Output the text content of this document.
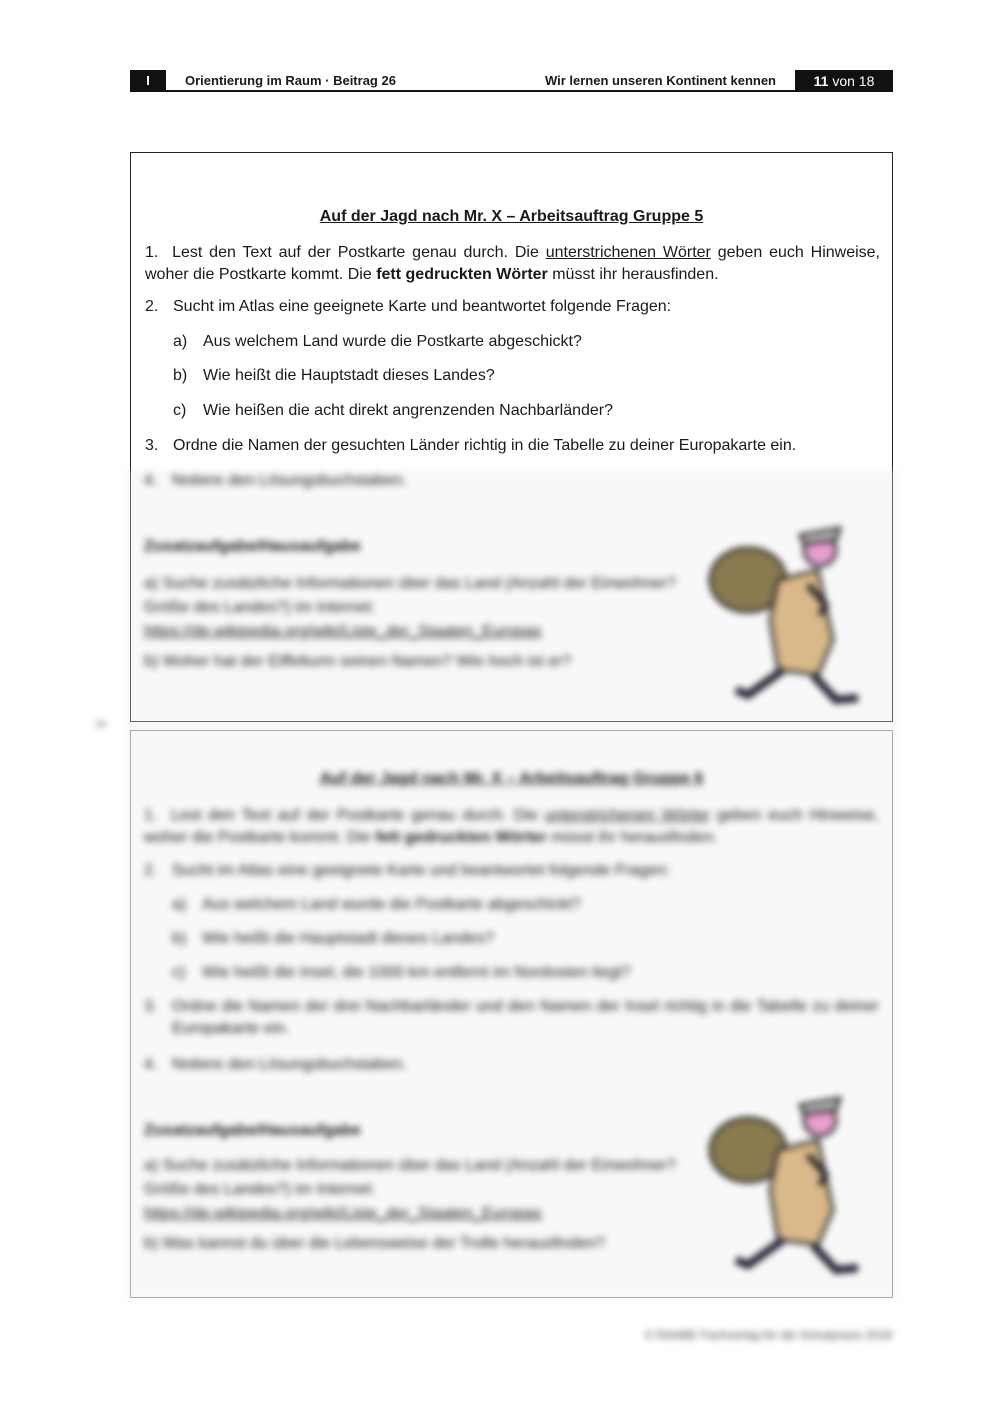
I	Orientierung im Raum · Beitrag 26	Wir lernen unseren Kontinent kennen	11 von 18
Auf der Jagd nach Mr. X – Arbeitsauftrag Gruppe 5
1.  Lest den Text auf der Postkarte genau durch. Die unterstrichenen Wörter geben euch Hinweise, woher die Postkarte kommt. Die fett gedruckten Wörter müsst ihr herausfinden.
2. Sucht im Atlas eine geeignete Karte und beantwortet folgende Fragen:
a) Aus welchem Land wurde die Postkarte abgeschickt?
b) Wie heißt die Hauptstadt dieses Landes?
c) Wie heißen die acht direkt angrenzenden Nachbarländer?
3. Ordne die Namen der gesuchten Länder richtig in die Tabelle zu deiner Europakarte ein.
4. Notiere den Lösungsbuchstaben.
Zusatzaufgabe/Hausaufgabe
a) Suche zusätzliche Informationen über das Land (Anzahl der Einwohner? Größe des Landes?) im Internet: https://de.wikipedia.org/wiki/Liste_der_Staaten_Europas
b) Woher hat der Eiffelturm seinen Namen? Wie hoch ist er?
Auf der Jagd nach Mr. X – Arbeitsauftrag Gruppe 6
1.  Lest den Text auf der Postkarte genau durch. Die unterstrichenen Wörter geben euch Hinweise, woher die Postkarte kommt. Die fett gedruckten Wörter müsst ihr herausfinden.
2. Sucht im Atlas eine geeignete Karte und beantwortet folgende Fragen:
a) Aus welchem Land wurde die Postkarte abgeschickt?
b) Wie heißt die Hauptstadt dieses Landes?
c) Wie heißt die Insel, die 1000 km entfernt im Nordosten liegt?
3. Ordne die Namen der drei Nachbarländer und den Namen der Insel richtig in die Tabelle zu deiner Europakarte ein.
4. Notiere den Lösungsbuchstaben.
Zusatzaufgabe/Hausaufgabe
a) Suche zusätzliche Informationen über das Land (Anzahl der Einwohner? Größe des Landes?) im Internet: https://de.wikipedia.org/wiki/Liste_der_Staaten_Europas
b) Was kannst du über die Lebensweise der Trolle herausfinden?
✂
© RAABE Fachverlag für die Schulpraxis 2018
